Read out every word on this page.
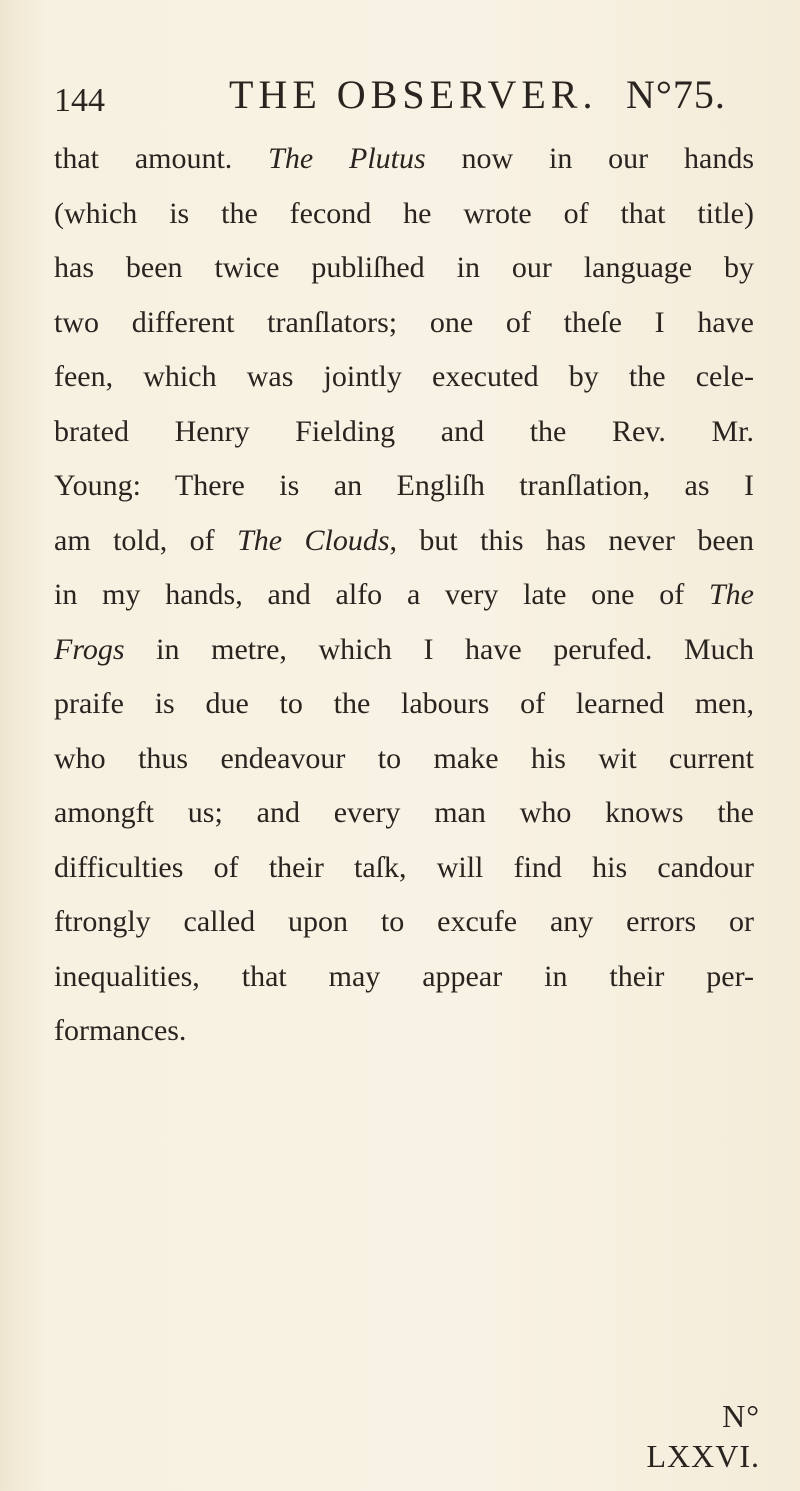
144	THE OBSERVER. N°75.
that amount. The Plutus now in our hands
(which is the fecond he wrote of that title)
has been twice publiſhed in our language by
two different tranſlators; one of theſe I have
feen, which was jointly executed by the cele-
brated Henry Fielding and the Rev. Mr.
Young: There is an Engliſh tranſlation, as I
am told, of The Clouds, but this has never been
in my hands, and alfo a very late one of The
Frogs in metre, which I have perufed. Much
praife is due to the labours of learned men,
who thus endeavour to make his wit current
amongft us; and every man who knows the
difficulties of their taſk, will find his candour
ftrongly called upon to excufe any errors or
inequalities, that may appear in their per-
formances.
N° LXXVI.
